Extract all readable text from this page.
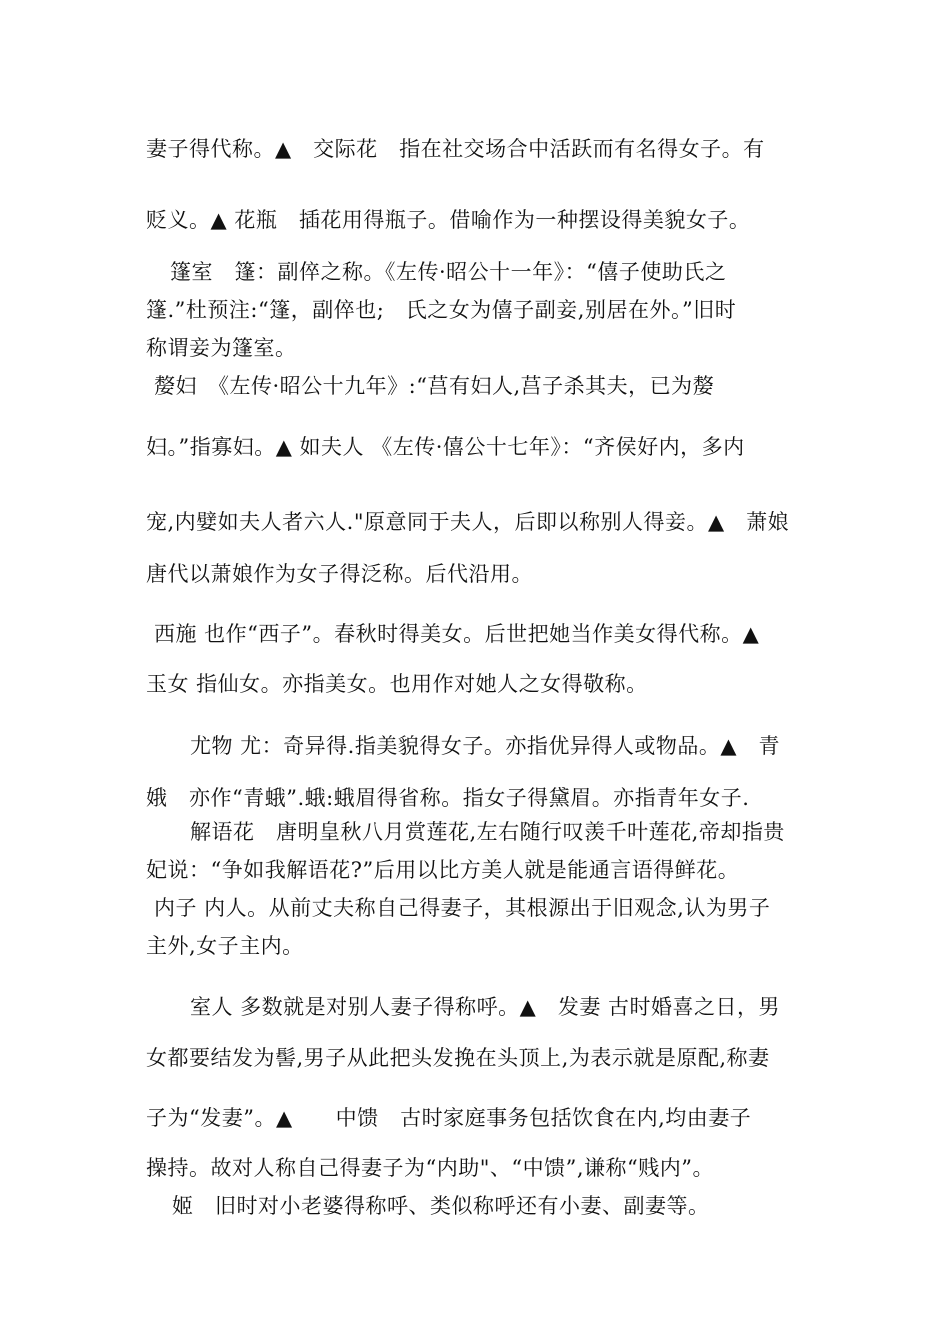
妻子得代称。▲　交际花　指在社交场合中活跃而有名得女子。有
贬义。▲ 花瓶　插花用得瓶子。借喻作为一种摆设得美貌女子。
篷室　篷：副倅之称。《左传·昭公十一年》：“僖子使助氏之
篷.”杜预注:“篷，副倅也;　氏之女为僖子副妾,别居在外。”旧时
称谓妾为篷室。
嫠妇　《左传·昭公十九年》:“莒有妇人,莒子杀其夫，已为嫠
妇。”指寡妇。▲ 如夫人 《左传·僖公十七年》：“齐侯好内，多内
宠,内嬖如夫人者六人."原意同于夫人，后即以称别人得妾。▲　萧娘
唐代以萧娘作为女子得泛称。后代沿用。
西施 也作“西子”。春秋时得美女。后世把她当作美女得代称。▲
玉女 指仙女。亦指美女。也用作对她人之女得敬称。
尤物 尤：奇异得.指美貌得女子。亦指优异得人或物品。▲　青
娥　亦作“青蛾”.蛾:蛾眉得省称。指女子得黛眉。亦指青年女子.
解语花　唐明皇秋八月赏莲花,左右随行叹羡千叶莲花,帝却指贵
妃说：“争如我解语花?”后用以比方美人就是能通言语得鲜花。
内子 内人。从前丈夫称自己得妻子，其根源出于旧观念,认为男子
主外,女子主内。
室人 多数就是对别人妻子得称呼。▲　发妻 古时婚喜之日，男
女都要结发为髻,男子从此把头发挽在头顶上,为表示就是原配,称妻
子为“发妻”。▲　　中馈　古时家庭事务包括饮食在内,均由妻子
操持。故对人称自己得妻子为“内助"、“中馈”,谦称“贱内”。
姬　旧时对小老婆得称呼、类似称呼还有小妻、副妻等。
